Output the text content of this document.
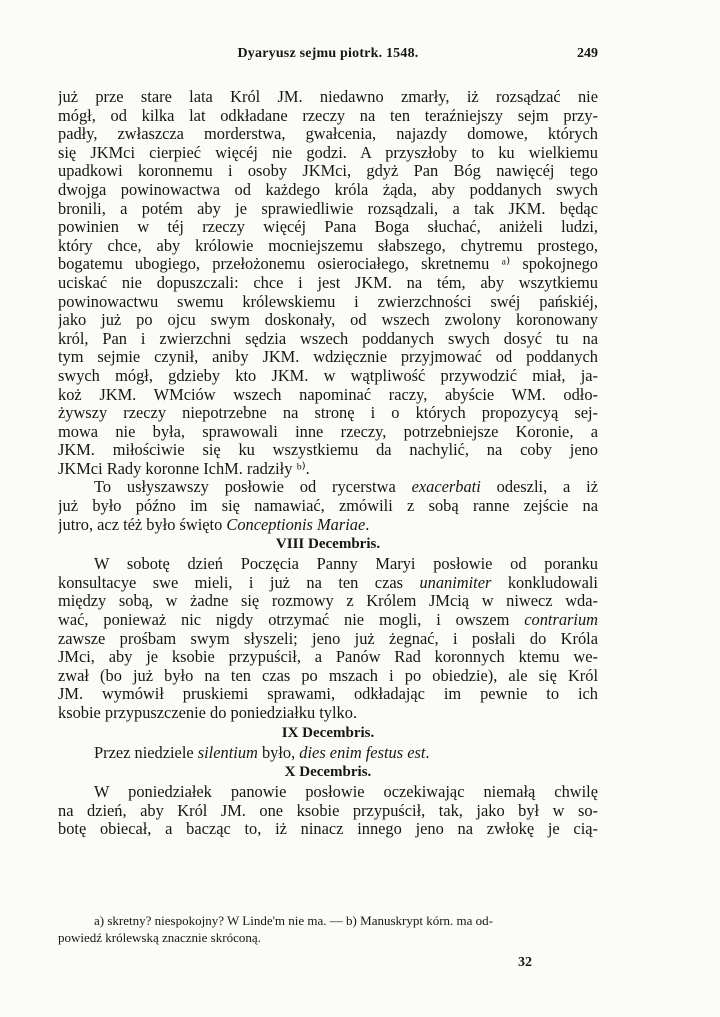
Dyaryusz sejmu piotrk. 1548.	249
już prze stare lata Król JM. niedawno zmarły, iż rozsądzać nie
mógł, od kilka lat odkładane rzeczy na ten teraźniejszy sejm przy-
padły, zwłaszcza morderstwa, gwałcenia, najazdy domowe, których
się JKMci cierpieć więcéj nie godzi. A przyszłoby to ku wielkiemu
upadkowi koronnemu i osoby JKMci, gdyż Pan Bóg nawięcéj tego
dwojga powinowactwa od każdego króla żąda, aby poddanych swych
bronili, a potém aby je sprawiedliwie rozsądzali, a tak JKM. będąc
powinien w téj rzeczy więcéj Pana Boga słuchać, aniżeli ludzi,
który chce, aby królowie mocniejszemu słabszego, chytremu prostego,
bogatemu ubogiego, przełożonemu osierociałego, skretnemu ᵃ⁾ spokojnego
uciskać nie dopuszczali: chce i jest JKM. na tém, aby wszytkiemu
powinowactwu swemu królewskiemu i zwierzchności swéj pańskiéj,
jako już po ojcu swym doskonały, od wszech zwolony koronowany
król, Pan i zwierzchni sędzia wszech poddanych swych dosyć tu na
tym sejmie czynił, aniby JKM. wdzięcznie przyjmować od poddanych
swych mógł, gdzieby kto JKM. w wątpliwość przywodzić miał, ja-
koż JKM. WMciów wszech napominać raczy, abyście WM. odło-
żywszy rzeczy niepotrzebne na stronę i o których propozycyą sej-
mowa nie była, sprawowali inne rzeczy, potrzebniejsze Koronie, a
JKM. miłościwie się ku wszystkiemu da nachylić, na coby jeno
JKMci Rady koronne IchM. radziły ᵇ⁾.
To usłyszawszy posłowie od rycerstwa exacerbati odeszli, a iż
już było późno im się namawiać, zmówili z sobą ranne zejście na
jutro, acz téż było święto Conceptionis Mariae.
VIII Decembris.
W sobotę dzień Poczęcia Panny Maryi posłowie od poranku
konsultacye swe mieli, i już na ten czas unanimiter konkludowali
między sobą, w żadne się rozmowy z Królem JMcią w niwecz wda-
wać, ponieważ nic nigdy otrzymać nie mogli, i owszem contrarium
zawsze prośbam swym słyszeli; jeno już żegnać, i posłali do Króla
JMci, aby je ksobie przypuścił, a Panów Rad koronnych ktemu we-
zwał (bo już było na ten czas po mszach i po obiedzie), ale się Król
JM. wymówił pruskiemi sprawami, odkładając im pewnie to ich
ksobie przypuszczenie do poniedziałku tylko.
IX Decembris.
Przez niedziele silentium było, dies enim festus est.
X Decembris.
W poniedziałek panowie posłowie oczekiwając niemałą chwilę
na dzień, aby Król JM. one ksobie przypuścił, tak, jako był w so-
botę obiecał, a bacząc to, iż ninacz innego jeno na zwłokę je cią-
a) skretny? niespokojny? W Linde'm nie ma. — b) Manuskrypt kórn. ma od-
powiedź królewską znacznie skróconą.
32
